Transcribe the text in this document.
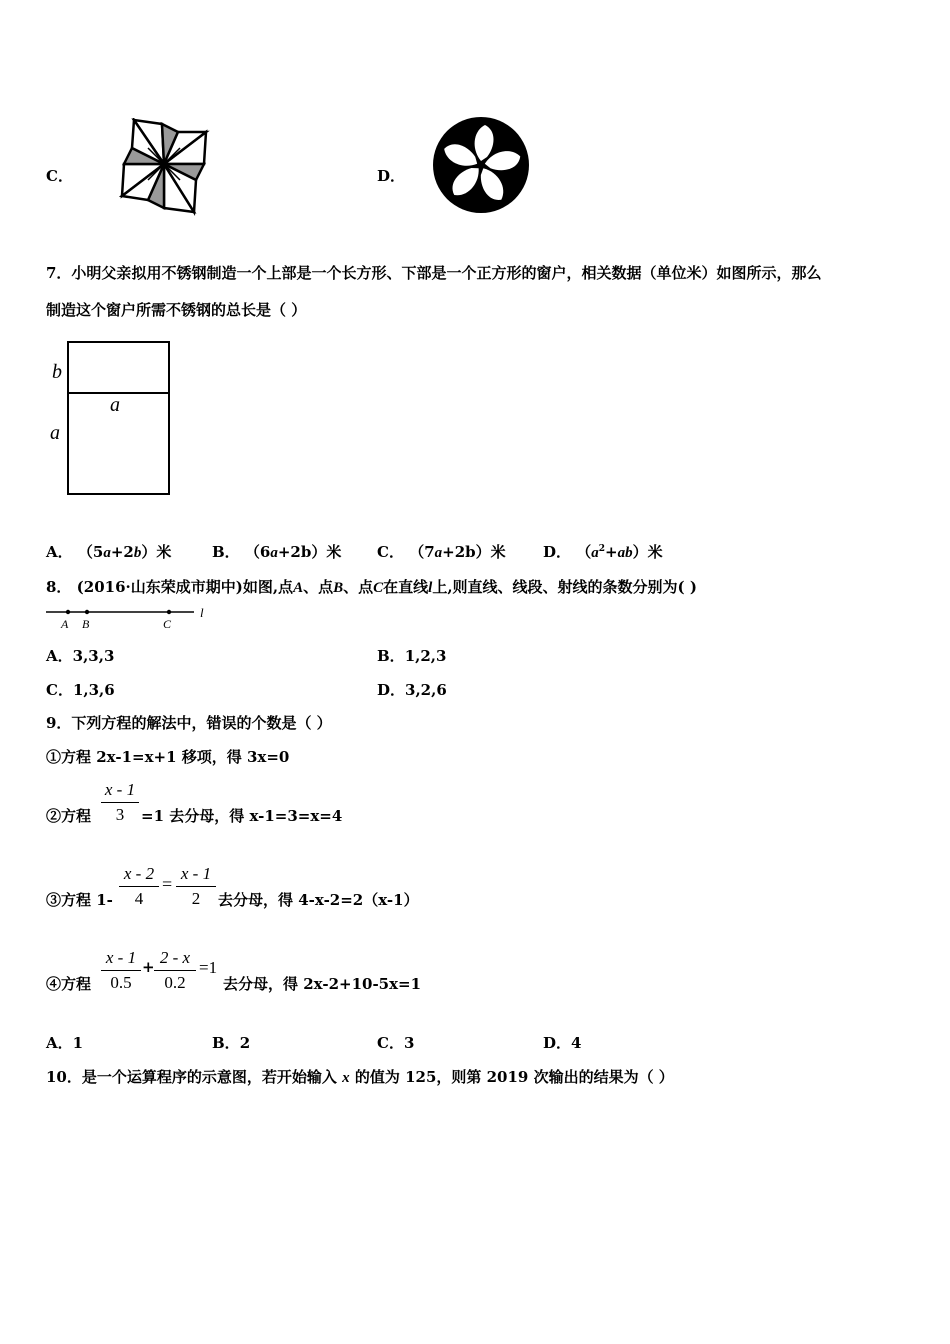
C．	D．
7．小明父亲拟用不锈钢制造一个上部是一个长方形、下部是一个正方形的窗户，相关数据（单位米）如图所示，那么
制造这个窗户所需不锈钢的总长是（ ）
b
a
a
A． （5a+2b）米	B． （6a+2b）米 C． （7a+2b）米 D． $(a^2+ab)$米
8． (2016·山东荣成市期中)如图,点A、点B、点C在直线l上,则直线、线段、射线的条数分别为( )
A B	C
l
A．3,3,3	B．1,2,3
C．1,3,6	D．3,2,6
9．下列方程的解法中，错误的个数是（ ）
①方程 2x-1=x+1 移项，得 3x=0
②方程 $\frac{x - 1}{3} =1$ 去分母，得 x-1=3=x=4
③方程 $1- \frac{x - 2}{4} = \frac{x - 1}{2}$ 去分母，得 4-x-2=2（x-1）
④方程 $\frac{x - 1}{0.5} + \frac{2 - x}{0.2} =1$
去分母，得 2x-2+10-5x=1
A．1	B．2	C．3	D．4
10．是一个运算程序的示意图，若开始输入 x 的值为 125，则第 2019 次输出的结果为（ ）
